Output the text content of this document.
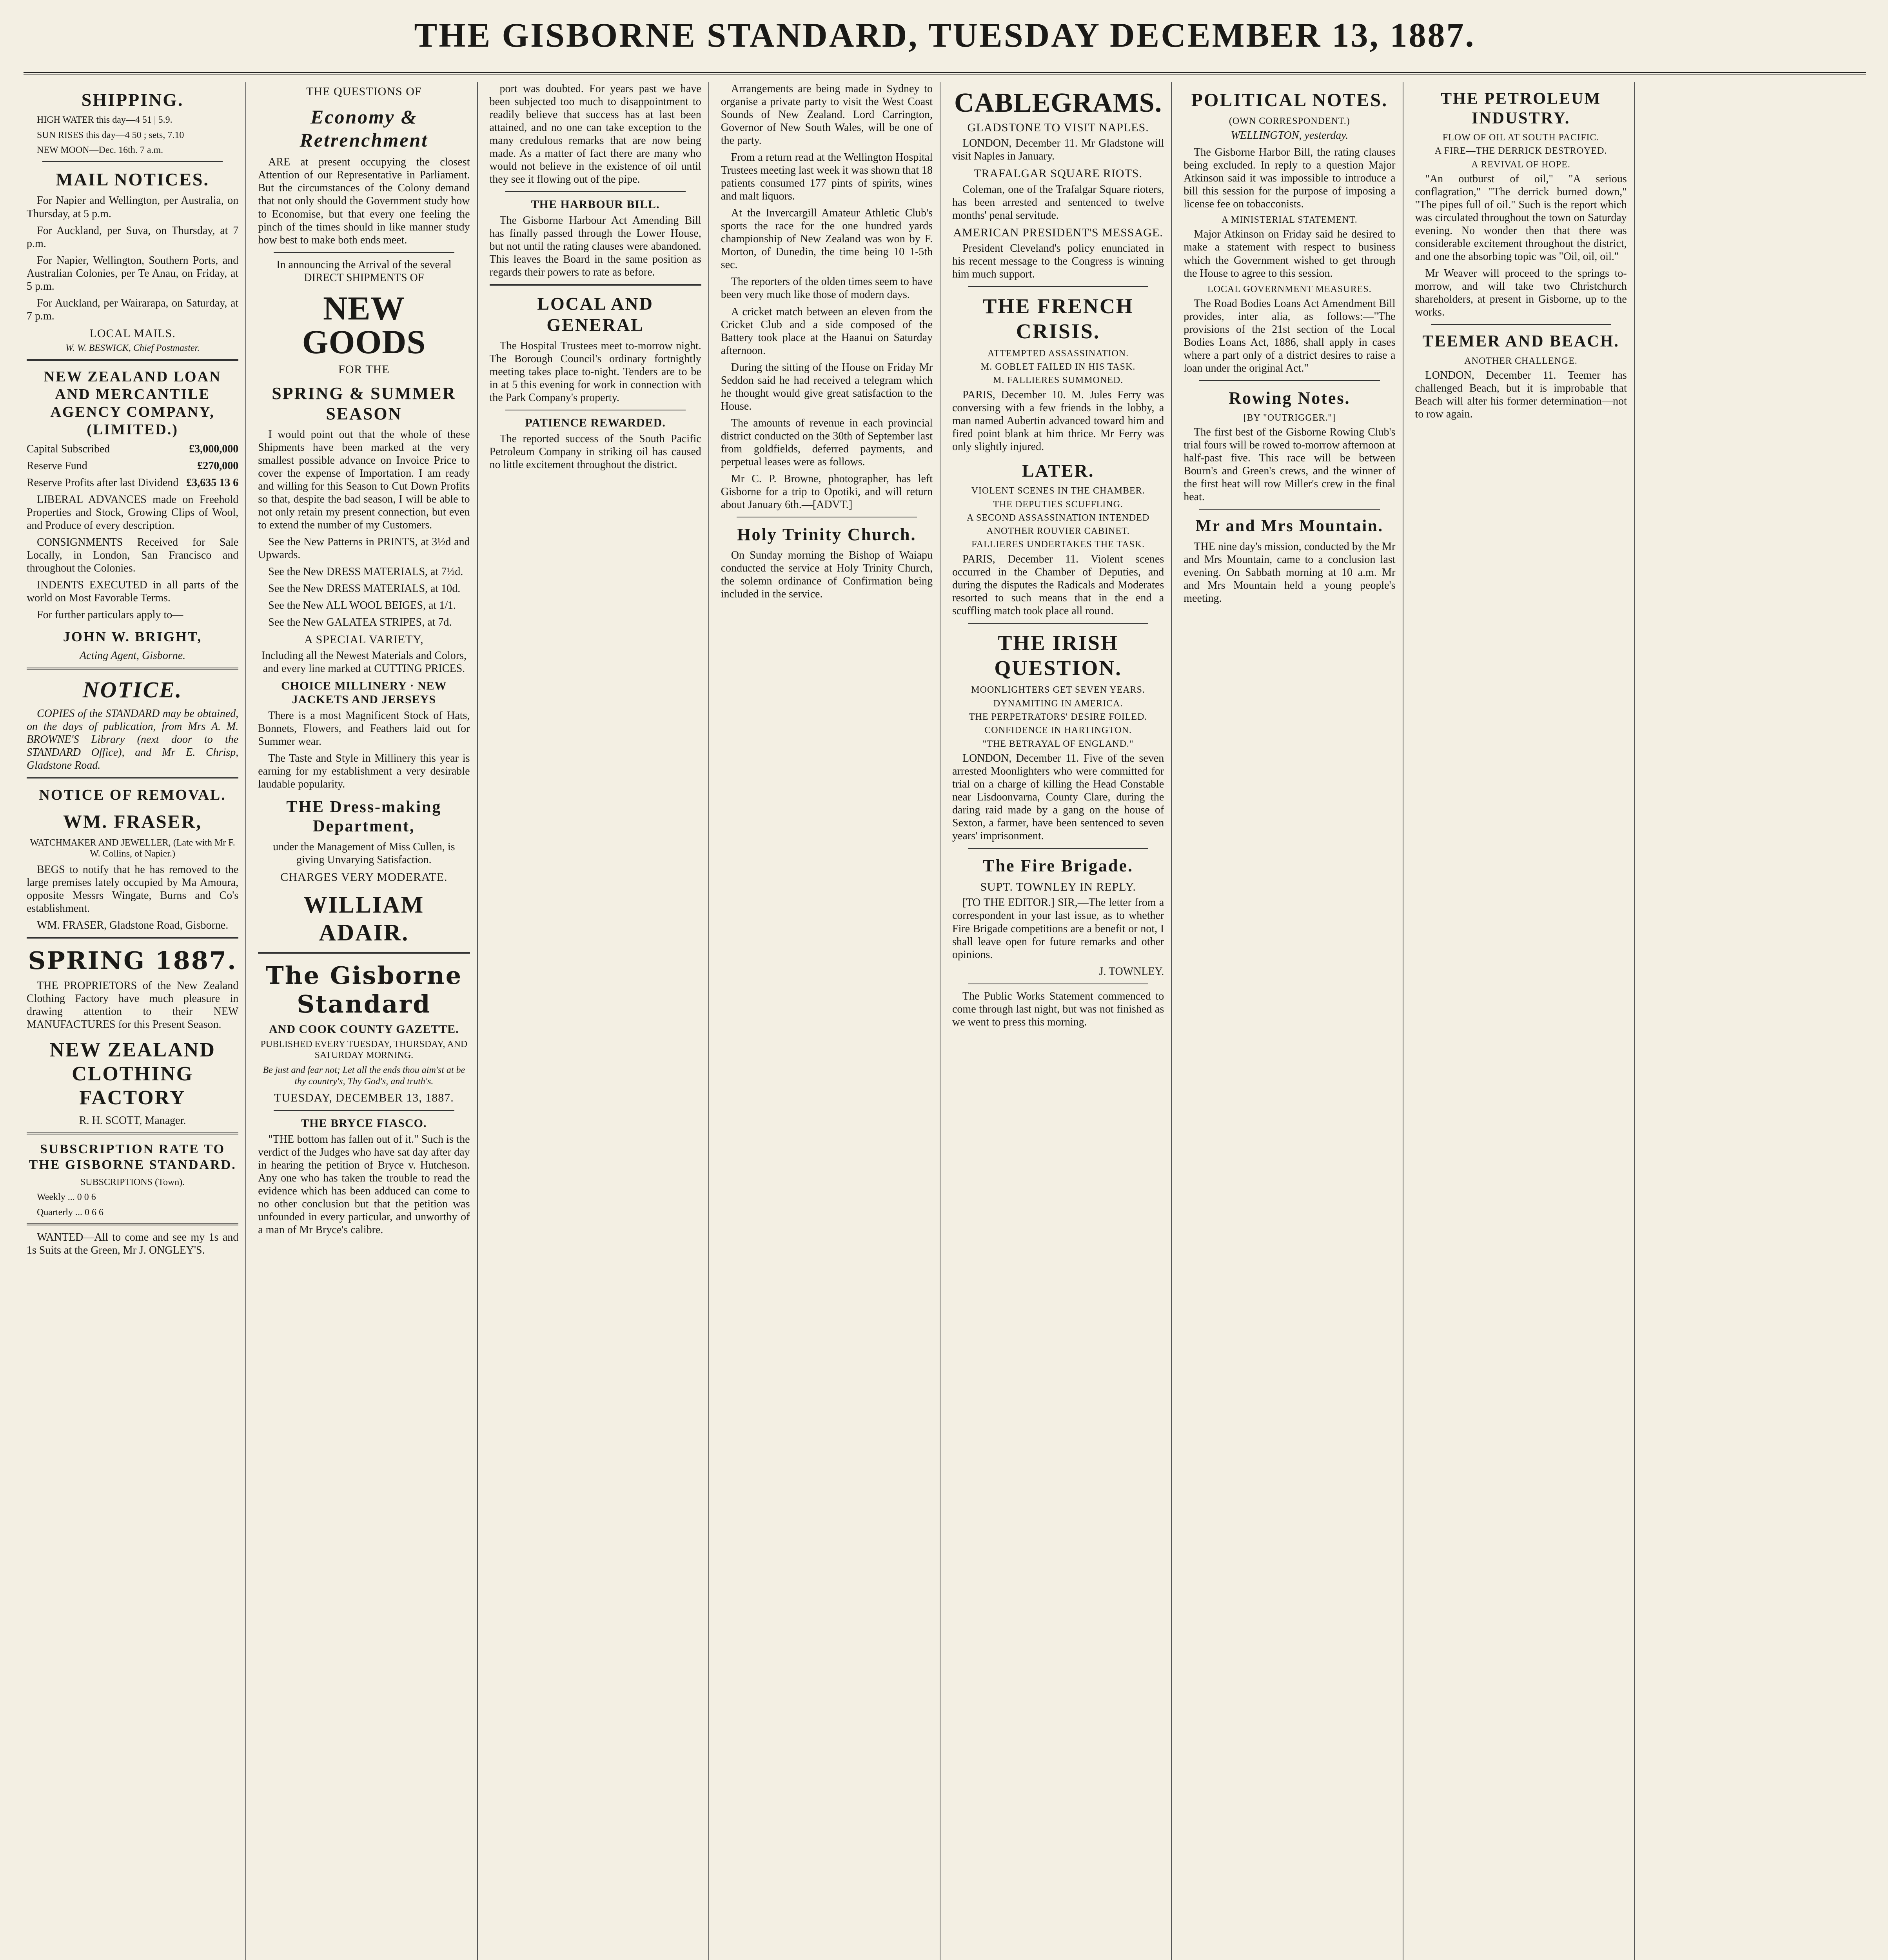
THE GISBORNE STANDARD, TUESDAY DECEMBER 13, 1887.
SHIPPING.

HIGH WATER this day—4 51 | 5.9.

SUN RISES this day—4 50 ; sets, 7.10

NEW MOON—Dec. 16th. 7 a.m.

MAIL NOTICES.

For Napier and Wellington, per Australia, on Thursday, at 5 p.m.

For Auckland, per Suva, on Thursday, at 7 p.m.

For Napier, Wellington, Southern Ports, and Australian Colonies, per Te Anau, on Friday, at 5 p.m.

For Auckland, per Wairarapa, on Saturday, at 7 p.m.

LOCAL MAILS.

W. W. BESWICK, Chief Postmaster.

NEW ZEALAND LOAN AND MERCANTILE AGENCY COMPANY, (LIMITED.)

Capital Subscribed	£3,000,000

Reserve Fund	£270,000

Reserve Profits after last Dividend £3,635 13 6

LIBERAL ADVANCES made on Freehold Properties and Stock, Growing Clips of Wool, and Produce of every description.

CONSIGNMENTS Received for Sale Locally, in London, San Francisco and throughout the Colonies.

INDENTS EXECUTED in all parts of the world on Most Favorable Terms.

For further particulars apply to—

JOHN W. BRIGHT,

Acting Agent, Gisborne.

NOTICE.

COPIES of the STANDARD may be obtained, on the days of publication, from Mrs A. M. BROWNE'S Library (next door to the STANDARD Office), and Mr E. Chrisp, Gladstone Road.

NOTICE OF REMOVAL.
WM. FRASER,

WATCHMAKER AND JEWELLER, (Late with Mr F. W. Collins, of Napier.)

BEGS to notify that he has removed to the large premises lately occupied by Ma Amoura, opposite Messrs Wingate, Burns and Co's establishment.

WM. FRASER, Gladstone Road, Gisborne.

SPRING 1887.

THE PROPRIETORS of the New Zealand Clothing Factory have much pleasure in drawing attention to their NEW MANUFACTURES for this Present Season.

NEW ZEALAND CLOTHING FACTORY

R. H. SCOTT, Manager.

SUBSCRIPTION RATE TO THE GISBORNE STANDARD.

SUBSCRIPTIONS (Town).

Weekly ... 0 0 6

Quarterly ... 0 6 6

WANTED—All to come and see my 1s and 1s Suits at the Green, Mr J. ONGLEY'S.

THE QUESTIONS OF
Economy & Retrenchment

ARE at present occupying the closest Attention of our Representative in Parliament. But the circumstances of the Colony demand that not only should the Government study how to Economise, but that every one feeling the pinch of the times should in like manner study how best to make both ends meet.

In announcing the Arrival of the several DIRECT SHIPMENTS OF

NEW GOODS
FOR THE
SPRING & SUMMER SEASON

I would point out that the whole of these Shipments have been marked at the very smallest possible advance on Invoice Price to cover the expense of Importation. I am ready and willing for this Season to Cut Down Profits so that, despite the bad season, I will be able to not only retain my present connection, but even to extend the number of my Customers.

See the New Patterns in PRINTS, at 3½d and Upwards.

See the New DRESS MATERIALS, at 7½d.

See the New DRESS MATERIALS, at 10d.

See the New ALL WOOL BEIGES, at 1/1.

See the New GALATEA STRIPES, at 7d.

A SPECIAL VARIETY,

Including all the Newest Materials and Colors, and every line marked at CUTTING PRICES.

CHOICE MILLINERY · NEW JACKETS AND JERSEYS

There is a most Magnificent Stock of Hats, Bonnets, Flowers, and Feathers laid out for Summer wear.

The Taste and Style in Millinery this year is earning for my establishment a very desirable laudable popularity.

THE Dress-making Department,

under the Management of Miss Cullen, is giving Unvarying Satisfaction.

CHARGES VERY MODERATE.
WILLIAM ADAIR.
The Gisborne Standard
AND COOK COUNTY GAZETTE.

PUBLISHED EVERY TUESDAY, THURSDAY, AND SATURDAY MORNING.

Be just and fear not; Let all the ends thou aim'st at be thy country's, Thy God's, and truth's.

TUESDAY, DECEMBER 13, 1887.
THE BRYCE FIASCO.

"THE bottom has fallen out of it." Such is the verdict of the Judges who have sat day after day in hearing the petition of Bryce v. Hutcheson. Any one who has taken the trouble to read the evidence which has been adduced can come to no other conclusion but that the petition was unfounded in every particular, and unworthy of a man of Mr Bryce's calibre.

port was doubted. For years past we have been subjected too much to disappointment to readily believe that success has at last been attained, and no one can take exception to the many credulous remarks that are now being made. As a matter of fact there are many who would not believe in the existence of oil until they see it flowing out of the pipe.

THE HARBOUR BILL.

The Gisborne Harbour Act Amending Bill has finally passed through the Lower House, but not until the rating clauses were abandoned. This leaves the Board in the same position as regards their powers to rate as before.

LOCAL AND GENERAL

The Hospital Trustees meet to-morrow night. The Borough Council's ordinary fortnightly meeting takes place to-night. Tenders are to be in at 5 this evening for work in connection with the Park Company's property.

PATIENCE REWARDED.

The reported success of the South Pacific Petroleum Company in striking oil has caused no little excitement throughout the district.

Arrangements are being made in Sydney to organise a private party to visit the West Coast Sounds of New Zealand. Lord Carrington, Governor of New South Wales, will be one of the party.

From a return read at the Wellington Hospital Trustees meeting last week it was shown that 18 patients consumed 177 pints of spirits, wines and malt liquors.

At the Invercargill Amateur Athletic Club's sports the race for the one hundred yards championship of New Zealand was won by F. Morton, of Dunedin, the time being 10 1-5th sec.

The reporters of the olden times seem to have been very much like those of modern days.

A cricket match between an eleven from the Cricket Club and a side composed of the Battery took place at the Haanui on Saturday afternoon.

During the sitting of the House on Friday Mr Seddon said he had received a telegram which he thought would give great satisfaction to the House.

The amounts of revenue in each provincial district conducted on the 30th of September last from goldfields, deferred payments, and perpetual leases were as follows.

Mr C. P. Browne, photographer, has left Gisborne for a trip to Opotiki, and will return about January 6th.—[ADVT.]

Holy Trinity Church.

On Sunday morning the Bishop of Waiapu conducted the service at Holy Trinity Church, the solemn ordinance of Confirmation being included in the service.

CABLEGRAMS.
GLADSTONE TO VISIT NAPLES.

LONDON, December 11. Mr Gladstone will visit Naples in January.

TRAFALGAR SQUARE RIOTS.

Coleman, one of the Trafalgar Square rioters, has been arrested and sentenced to twelve months' penal servitude.

AMERICAN PRESIDENT'S MESSAGE.

President Cleveland's policy enunciated in his recent message to the Congress is winning him much support.

THE FRENCH CRISIS.
ATTEMPTED ASSASSINATION.
M. GOBLET FAILED IN HIS TASK.
M. FALLIERES SUMMONED.

PARIS, December 10. M. Jules Ferry was conversing with a few friends in the lobby, a man named Aubertin advanced toward him and fired point blank at him thrice. Mr Ferry was only slightly injured.

LATER.
VIOLENT SCENES IN THE CHAMBER.
THE DEPUTIES SCUFFLING.
A SECOND ASSASSINATION INTENDED
ANOTHER ROUVIER CABINET.
FALLIERES UNDERTAKES THE TASK.

PARIS, December 11. Violent scenes occurred in the Chamber of Deputies, and during the disputes the Radicals and Moderates resorted to such means that in the end a scuffling match took place all round.

THE IRISH QUESTION.
MOONLIGHTERS GET SEVEN YEARS.
DYNAMITING IN AMERICA.
THE PERPETRATORS' DESIRE FOILED.
CONFIDENCE IN HARTINGTON.
"THE BETRAYAL OF ENGLAND."

LONDON, December 11. Five of the seven arrested Moonlighters who were committed for trial on a charge of killing the Head Constable near Lisdoonvarna, County Clare, during the daring raid made by a gang on the house of Sexton, a farmer, have been sentenced to seven years' imprisonment.

The Fire Brigade.
SUPT. TOWNLEY IN REPLY.

[TO THE EDITOR.] SIR,—The letter from a correspondent in your last issue, as to whether Fire Brigade competitions are a benefit or not, I shall leave open for future remarks and other opinions.

J. TOWNLEY.

The Public Works Statement commenced to come through last night, but was not finished as we went to press this morning.

POLITICAL NOTES.
(OWN CORRESPONDENT.)

WELLINGTON, yesterday.

The Gisborne Harbor Bill, the rating clauses being excluded. In reply to a question Major Atkinson said it was impossible to introduce a bill this session for the purpose of imposing a license fee on tobacconists.

A MINISTERIAL STATEMENT.

Major Atkinson on Friday said he desired to make a statement with respect to business which the Government wished to get through the House to agree to this session.

LOCAL GOVERNMENT MEASURES.

The Road Bodies Loans Act Amendment Bill provides, inter alia, as follows:—"The provisions of the 21st section of the Local Bodies Loans Act, 1886, shall apply in cases where a part only of a district desires to raise a loan under the original Act."

Rowing Notes.
[BY "OUTRIGGER."]

The first best of the Gisborne Rowing Club's trial fours will be rowed to-morrow afternoon at half-past five. This race will be between Bourn's and Green's crews, and the winner of the first heat will row Miller's crew in the final heat.

Mr and Mrs Mountain.

THE nine day's mission, conducted by the Mr and Mrs Mountain, came to a conclusion last evening. On Sabbath morning at 10 a.m. Mr and Mrs Mountain held a young people's meeting.

THE PETROLEUM INDUSTRY.
FLOW OF OIL AT SOUTH PACIFIC.
A FIRE—THE DERRICK DESTROYED.
A REVIVAL OF HOPE.

"An outburst of oil," "A serious conflagration," "The derrick burned down," "The pipes full of oil." Such is the report which was circulated throughout the town on Saturday evening. No wonder then that there was considerable excitement throughout the district, and one the absorbing topic was "Oil, oil, oil."

Mr Weaver will proceed to the springs to-morrow, and will take two Christchurch shareholders, at present in Gisborne, up to the works.

TEEMER AND BEACH.
ANOTHER CHALLENGE.

LONDON, December 11. Teemer has challenged Beach, but it is improbable that Beach will alter his former determination—not to row again.
